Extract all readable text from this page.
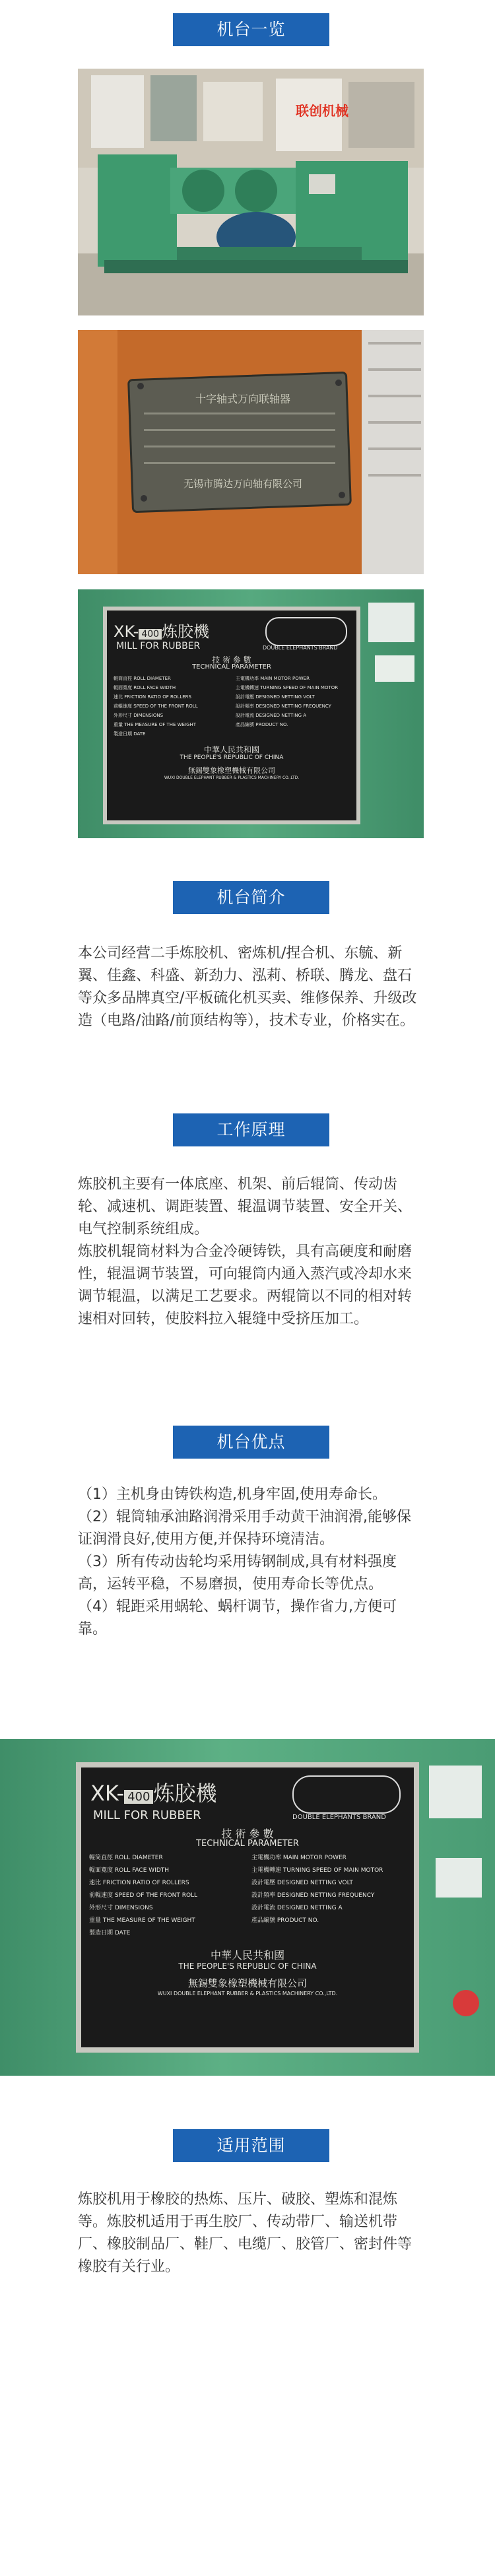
机台一览
联创机械
十字轴式万向联轴器
无锡市腾达万向轴有限公司
XK- 400 炼胶機
MILL FOR RUBBER	DOUBLE ELEPHANTS BRAND
技 術 參 數
TECHNICAL PARAMETER
輥筒直徑 ROLL DIAMETER
輥面寬度 ROLL FACE WIDTH
速比 FRICTION RATIO OF ROLLERS
前輥速度 SPEED OF THE FRONT ROLL
外形尺寸 DIMENSIONS
重量 THE MEASURE OF THE WEIGHT
製造日期 DATE
主電機功率 MAIN MOTOR POWER
主電機轉速 TURNING SPEED OF MAIN MOTOR
設計電壓 DESIGNED NETTING VOLT
設計頻率 DESIGNED NETTING FREQUENCY
設計電流 DESIGNED NETTING A
產品編號 PRODUCT NO.
中華人民共和國
THE PEOPLE'S REPUBLIC OF CHINA
無錫雙象橡塑機械有限公司
WUXI DOUBLE ELEPHANT RUBBER & PLASTICS MACHINERY CO.,LTD.
机台简介

本公司经营二手炼胶机、密炼机/捏合机、东毓、新翼、佳鑫、科盛、新劲力、泓莉、桥联、腾龙、盘石等众多品牌真空/平板硫化机买卖、维修保养、升级改造（电路/油路/前顶结构等），技术专业，价格实在。

工作原理

炼胶机主要有一体底座、机架、前后辊筒、传动齿轮、减速机、调距装置、辊温调节装置、安全开关、电气控制系统组成。

炼胶机辊筒材料为合金冷硬铸铁，具有高硬度和耐磨性，辊温调节装置，可向辊筒内通入蒸汽或冷却水来调节辊温，以满足工艺要求。两辊筒以不同的相对转速相对回转，使胶料拉入辊缝中受挤压加工。

机台优点

（1）主机身由铸铁构造,机身牢固,使用寿命长。

（2）辊筒轴承油路润滑采用手动黄干油润滑,能够保证润滑良好,使用方便,并保持环境清洁。

（3）所有传动齿轮均采用铸钢制成,具有材料强度高，运转平稳，不易磨损，使用寿命长等优点。

（4）辊距采用蜗轮、蜗杆调节，操作省力,方便可靠。

XK- 400 炼胶機
MILL FOR RUBBER	DOUBLE ELEPHANTS BRAND
技 術 參 數
TECHNICAL PARAMETER
輥筒直徑 ROLL DIAMETER
輥面寬度 ROLL FACE WIDTH
速比 FRICTION RATIO OF ROLLERS
前輥速度 SPEED OF THE FRONT ROLL
外形尺寸 DIMENSIONS
重量 THE MEASURE OF THE WEIGHT
製造日期 DATE
主電機功率 MAIN MOTOR POWER
主電機轉速 TURNING SPEED OF MAIN MOTOR
設計電壓 DESIGNED NETTING VOLT
設計頻率 DESIGNED NETTING FREQUENCY
設計電流 DESIGNED NETTING A
產品編號 PRODUCT NO.
中華人民共和國
THE PEOPLE'S REPUBLIC OF CHINA
無錫雙象橡塑機械有限公司
WUXI DOUBLE ELEPHANT RUBBER & PLASTICS MACHINERY CO.,LTD.
适用范围

炼胶机用于橡胶的热炼、压片、破胶、塑炼和混炼等。炼胶机适用于再生胶厂、传动带厂、输送机带厂、橡胶制品厂、鞋厂、电缆厂、胶管厂、密封件等橡胶有关行业。
